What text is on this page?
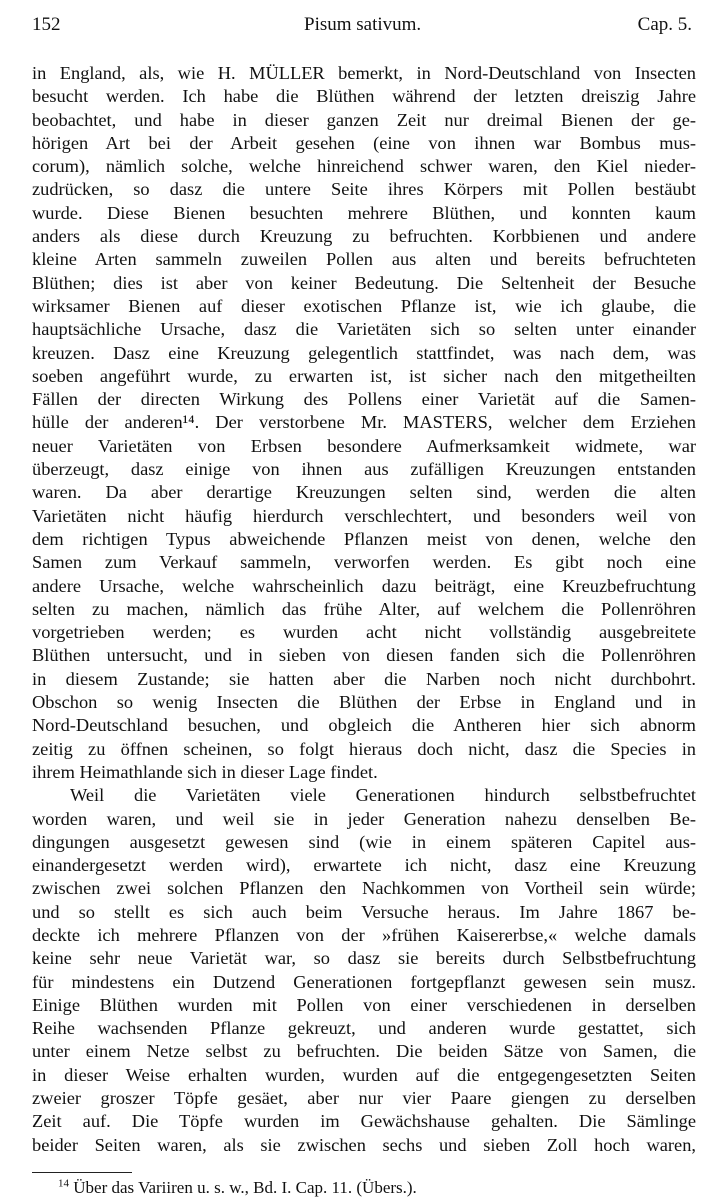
152	Pisum sativum.	Cap. 5.
in England, als, wie H. MÜLLER bemerkt, in Nord-Deutschland von Insecten
besucht werden. Ich habe die Blüthen während der letzten dreiszig Jahre
beobachtet, und habe in dieser ganzen Zeit nur dreimal Bienen der ge-
hörigen Art bei der Arbeit gesehen (eine von ihnen war Bombus mus-
corum), nämlich solche, welche hinreichend schwer waren, den Kiel nieder-
zudrücken, so dasz die untere Seite ihres Körpers mit Pollen bestäubt
wurde. Diese Bienen besuchten mehrere Blüthen, und konnten kaum
anders als diese durch Kreuzung zu befruchten. Korbbienen und andere
kleine Arten sammeln zuweilen Pollen aus alten und bereits befruchteten
Blüthen; dies ist aber von keiner Bedeutung. Die Seltenheit der Besuche
wirksamer Bienen auf dieser exotischen Pflanze ist, wie ich glaube, die
hauptsächliche Ursache, dasz die Varietäten sich so selten unter einander
kreuzen. Dasz eine Kreuzung gelegentlich stattfindet, was nach dem, was
soeben angeführt wurde, zu erwarten ist, ist sicher nach den mitgetheilten
Fällen der directen Wirkung des Pollens einer Varietät auf die Samen-
hülle der anderen¹⁴. Der verstorbene Mr. MASTERS, welcher dem Erziehen
neuer Varietäten von Erbsen besondere Aufmerksamkeit widmete, war
überzeugt, dasz einige von ihnen aus zufälligen Kreuzungen entstanden
waren. Da aber derartige Kreuzungen selten sind, werden die alten
Varietäten nicht häufig hierdurch verschlechtert, und besonders weil von
dem richtigen Typus abweichende Pflanzen meist von denen, welche den
Samen zum Verkauf sammeln, verworfen werden. Es gibt noch eine
andere Ursache, welche wahrscheinlich dazu beiträgt, eine Kreuzbefruchtung
selten zu machen, nämlich das frühe Alter, auf welchem die Pollenröhren
vorgetrieben werden; es wurden acht nicht vollständig ausgebreitete
Blüthen untersucht, und in sieben von diesen fanden sich die Pollenröhren
in diesem Zustande; sie hatten aber die Narben noch nicht durchbohrt.
Obschon so wenig Insecten die Blüthen der Erbse in England und in
Nord-Deutschland besuchen, und obgleich die Antheren hier sich abnorm
zeitig zu öffnen scheinen, so folgt hieraus doch nicht, dasz die Species in
ihrem Heimathlande sich in dieser Lage findet.
Weil die Varietäten viele Generationen hindurch selbstbefruchtet
worden waren, und weil sie in jeder Generation nahezu denselben Be-
dingungen ausgesetzt gewesen sind (wie in einem späteren Capitel aus-
einandergesetzt werden wird), erwartete ich nicht, dasz eine Kreuzung
zwischen zwei solchen Pflanzen den Nachkommen von Vortheil sein würde;
und so stellt es sich auch beim Versuche heraus. Im Jahre 1867 be-
deckte ich mehrere Pflanzen von der »frühen Kaisererbse,« welche damals
keine sehr neue Varietät war, so dasz sie bereits durch Selbstbefruchtung
für mindestens ein Dutzend Generationen fortgepflanzt gewesen sein musz.
Einige Blüthen wurden mit Pollen von einer verschiedenen in derselben
Reihe wachsenden Pflanze gekreuzt, und anderen wurde gestattet, sich
unter einem Netze selbst zu befruchten. Die beiden Sätze von Samen, die
in dieser Weise erhalten wurden, wurden auf die entgegengesetzten Seiten
zweier groszer Töpfe gesäet, aber nur vier Paare giengen zu derselben
Zeit auf. Die Töpfe wurden im Gewächshause gehalten. Die Sämlinge
beider Seiten waren, als sie zwischen sechs und sieben Zoll hoch waren,
$^{14}$ Über das Variiren u. s. w., Bd. I. Cap. 11. (Übers.).
